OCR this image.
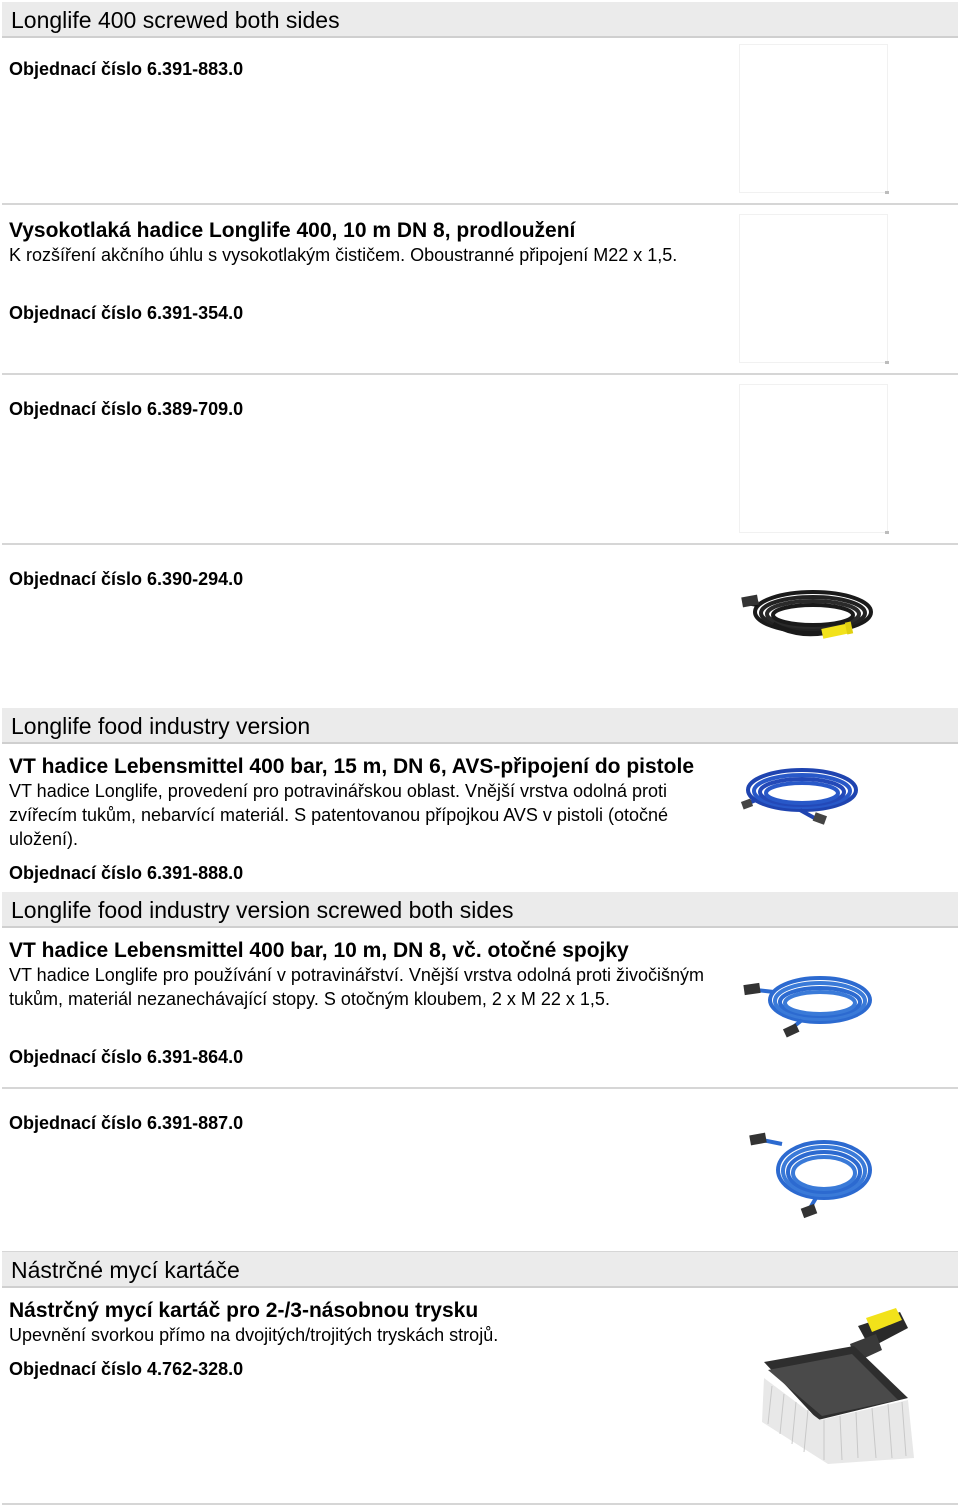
Longlife 400 screwed both sides
Objednací číslo 6.391-883.0
Vysokotlaká hadice Longlife 400, 10 m DN 8, prodloužení
K rozšíření akčního úhlu s vysokotlakým čističem. Oboustranné připojení M22 x 1,5.
Objednací číslo 6.391-354.0
Objednací číslo 6.389-709.0
Objednací číslo 6.390-294.0
Longlife food industry version
VT hadice Lebensmittel 400 bar, 15 m, DN 6, AVS-připojení do pistole
VT hadice Longlife, provedení pro potravinářskou oblast. Vnější vrstva odolná proti zvířecím tukům, nebarvící materiál. S patentovanou přípojkou AVS v pistoli (otočné uložení).
Objednací číslo 6.391-888.0
Longlife food industry version screwed both sides
VT hadice Lebensmittel 400 bar, 10 m, DN 8, vč. otočné spojky
VT hadice Longlife pro používání v potravinářství. Vnější vrstva odolná proti živočišným tukům, materiál nezanechávající stopy. S otočným kloubem, 2 x M 22 x 1,5.
Objednací číslo 6.391-864.0
Objednací číslo 6.391-887.0
Nástrčné mycí kartáče
Nástrčný mycí kartáč pro 2-/3-násobnou trysku
Upevnění svorkou přímo na dvojitých/trojitých tryskách strojů.
Objednací číslo 4.762-328.0
